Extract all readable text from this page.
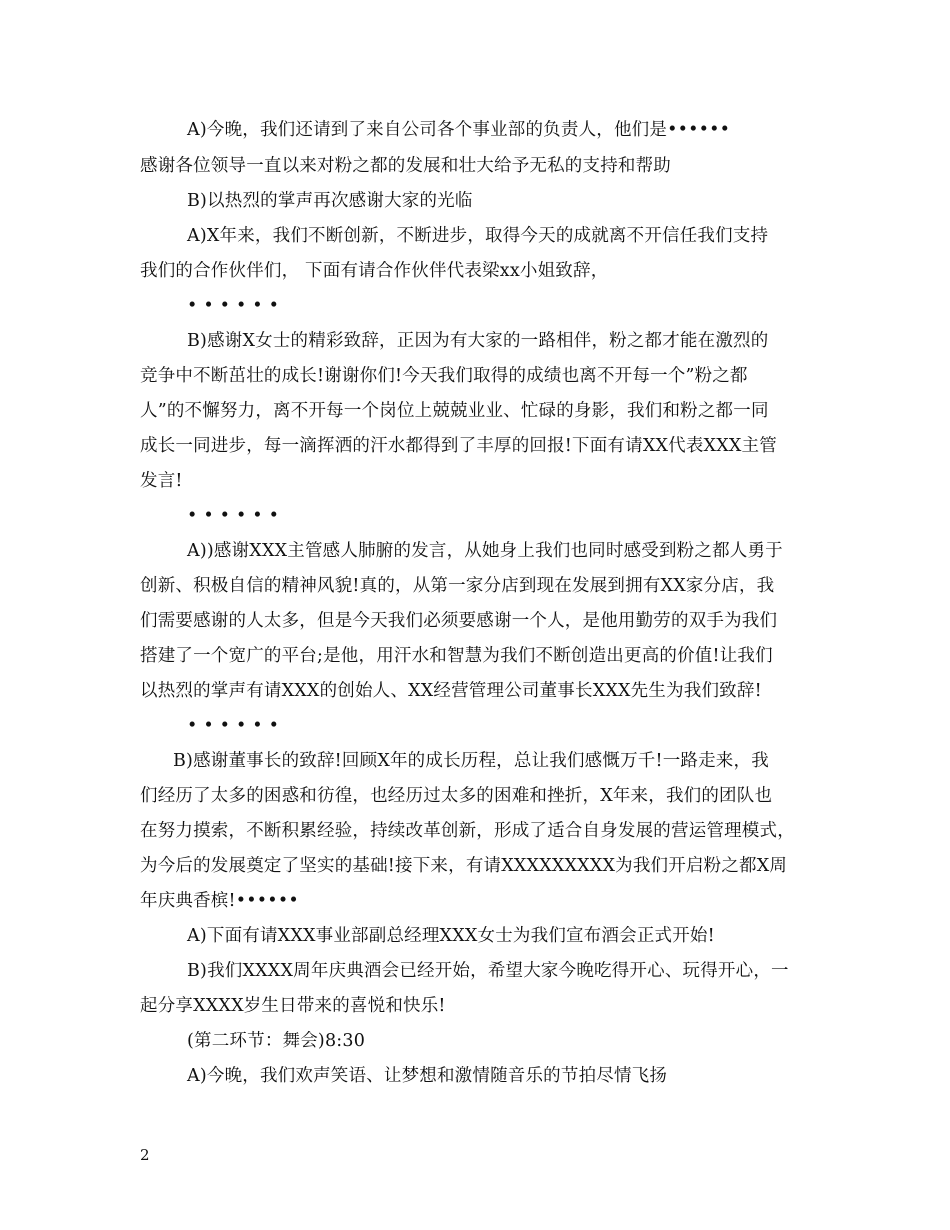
A)今晚，我们还请到了来自公司各个事业部的负责人，他们是••••••
感谢各位领导一直以来对粉之都的发展和壮大给予无私的支持和帮助
B)以热烈的掌声再次感谢大家的光临
A)X年来，我们不断创新，不断进步，取得今天的成就离不开信任我们支持
我们的合作伙伴们， 下面有请合作伙伴代表梁xx小姐致辞，
••••••
B)感谢X女士的精彩致辞，正因为有大家的一路相伴，粉之都才能在激烈的
竞争中不断茁壮的成长!谢谢你们!今天我们取得的成绩也离不开每一个”粉之都
人”的不懈努力，离不开每一个岗位上兢兢业业、忙碌的身影，我们和粉之都一同
成长一同进步，每一滴挥洒的汗水都得到了丰厚的回报!下面有请XX代表XXX主管
发言!
••••••
A))感谢XXX主管感人肺腑的发言，从她身上我们也同时感受到粉之都人勇于
创新、积极自信的精神风貌!真的，从第一家分店到现在发展到拥有XX家分店，我
们需要感谢的人太多，但是今天我们必须要感谢一个人，是他用勤劳的双手为我们
搭建了一个宽广的平台;是他，用汗水和智慧为我们不断创造出更高的价值!让我们
以热烈的掌声有请XXX的创始人、XX经营管理公司董事长XXX先生为我们致辞!
••••••
B)感谢董事长的致辞!回顾X年的成长历程，总让我们感慨万千!一路走来，我
们经历了太多的困惑和彷徨，也经历过太多的困难和挫折，X年来，我们的团队也
在努力摸索，不断积累经验，持续改革创新，形成了适合自身发展的营运管理模式，
为今后的发展奠定了坚实的基础!接下来，有请XXXXXXXXX为我们开启粉之都X周
年庆典香槟!••••••
A)下面有请XXX事业部副总经理XXX女士为我们宣布酒会正式开始!
B)我们XXXX周年庆典酒会已经开始，希望大家今晚吃得开心、玩得开心，一
起分享XXXX岁生日带来的喜悦和快乐!
(第二环节：舞会)8:30
A)今晚，我们欢声笑语、让梦想和激情随音乐的节拍尽情飞扬
2
